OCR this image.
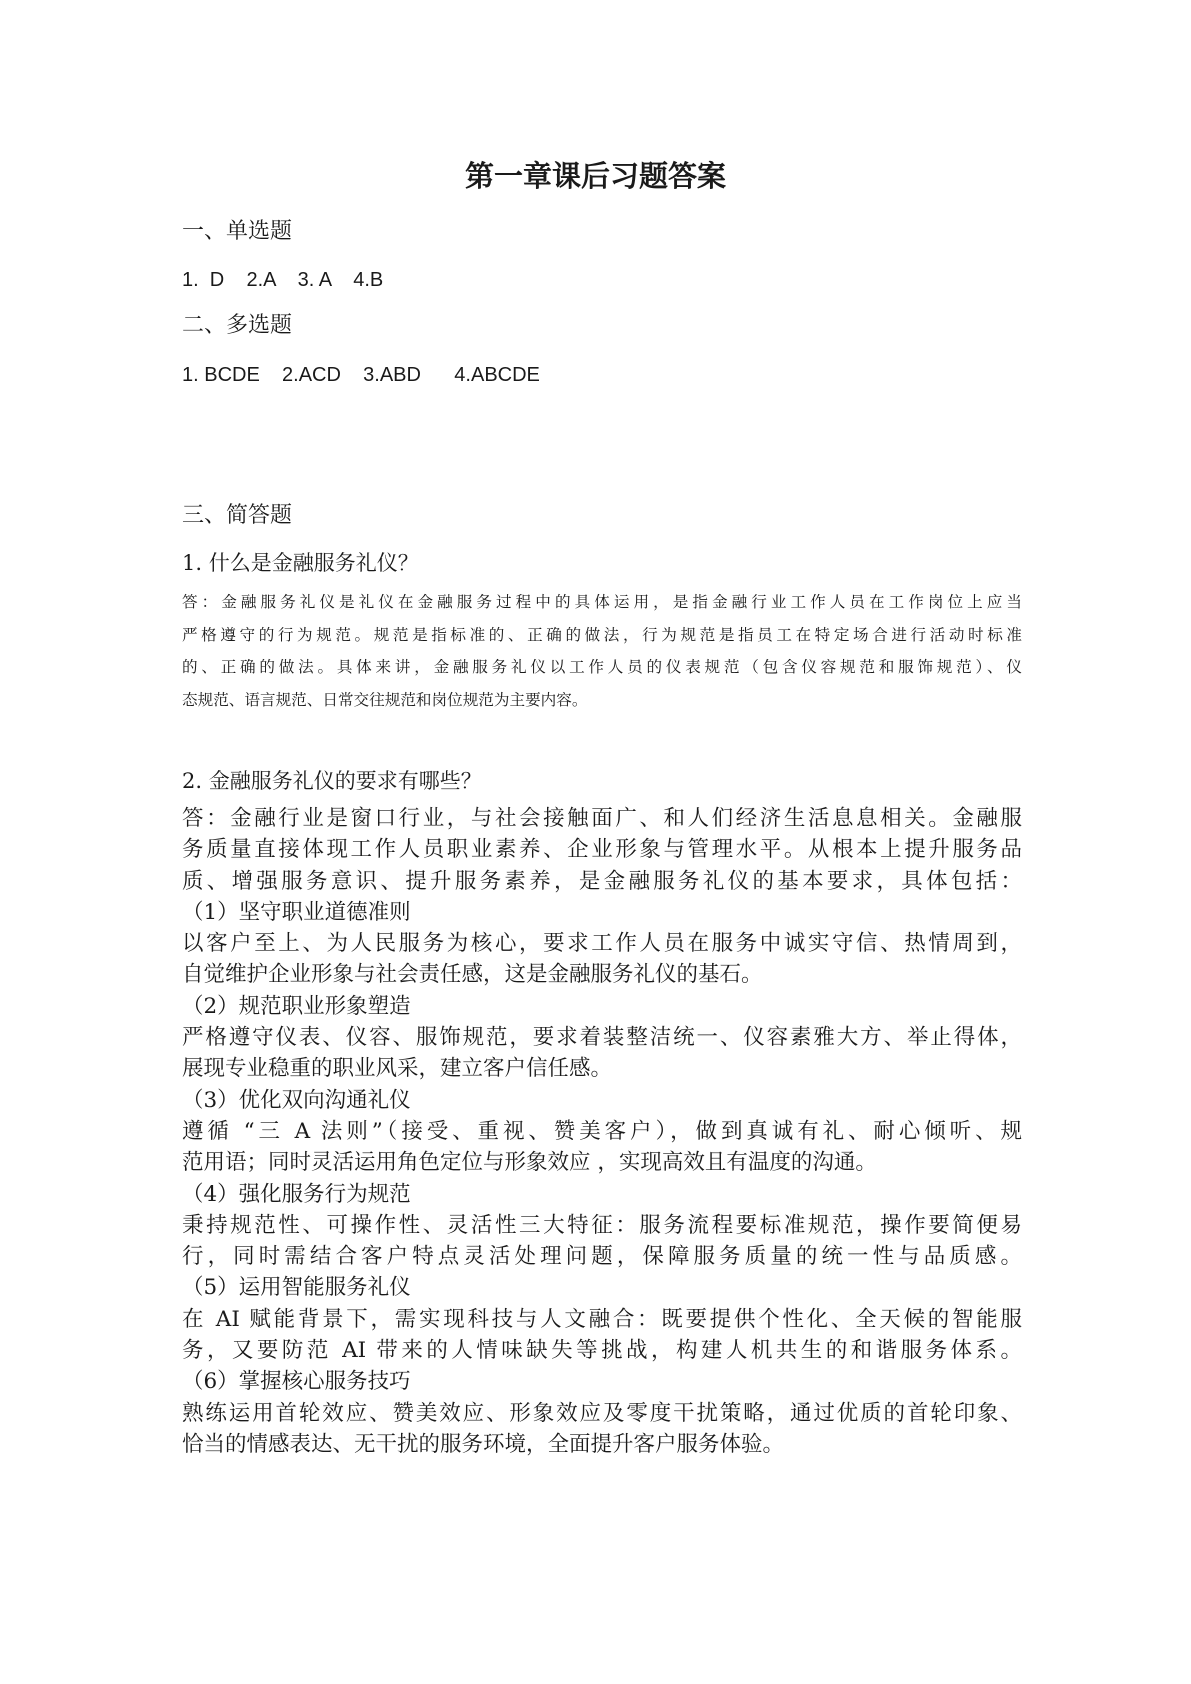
第一章课后习题答案
一、单选题
1.  D    2.A    3. A    4.B
二、多选题
1. BCDE    2.ACD    3.ABD      4.ABCDE
三、简答题
1. 什么是金融服务礼仪？
答：金融服务礼仪是礼仪在金融服务过程中的具体运用，是指金融行业工作人员在工作岗位上应当
严格遵守的行为规范。规范是指标准的、正确的做法，行为规范是指员工在特定场合进行活动时标准
的、正确的做法。具体来讲，金融服务礼仪以工作人员的仪表规范（包含仪容规范和服饰规范）、仪
态规范、语言规范、日常交往规范和岗位规范为主要内容。
2. 金融服务礼仪的要求有哪些？
答：金融行业是窗口行业，与社会接触面广、和人们经济生活息息相关。金融服
务质量直接体现工作人员职业素养、企业形象与管理水平。从根本上提升服务品
质、增强服务意识、提升服务素养，是金融服务礼仪的基本要求，具体包括：
（1）坚守职业道德准则
以客户至上、为人民服务为核心，要求工作人员在服务中诚实守信、热情周到，
自觉维护企业形象与社会责任感，这是金融服务礼仪的基石。
（2）规范职业形象塑造
严格遵守仪表、仪容、服饰规范，要求着装整洁统一、仪容素雅大方、举止得体，
展现专业稳重的职业风采，建立客户信任感。
（3）优化双向沟通礼仪
遵循 “三 A 法则”（接受、重视、赞美客户），做到真诚有礼、耐心倾听、规
范用语；同时灵活运用角色定位与形象效应 ，实现高效且有温度的沟通。
（4）强化服务行为规范
秉持规范性、可操作性、灵活性三大特征：服务流程要标准规范，操作要简便易
行，同时需结合客户特点灵活处理问题，保障服务质量的统一性与品质感。
（5）运用智能服务礼仪
在 AI 赋能背景下，需实现科技与人文融合：既要提供个性化、全天候的智能服
务，又要防范 AI 带来的人情味缺失等挑战，构建人机共生的和谐服务体系。
（6）掌握核心服务技巧
熟练运用首轮效应、赞美效应、形象效应及零度干扰策略，通过优质的首轮印象、
恰当的情感表达、无干扰的服务环境，全面提升客户服务体验。
